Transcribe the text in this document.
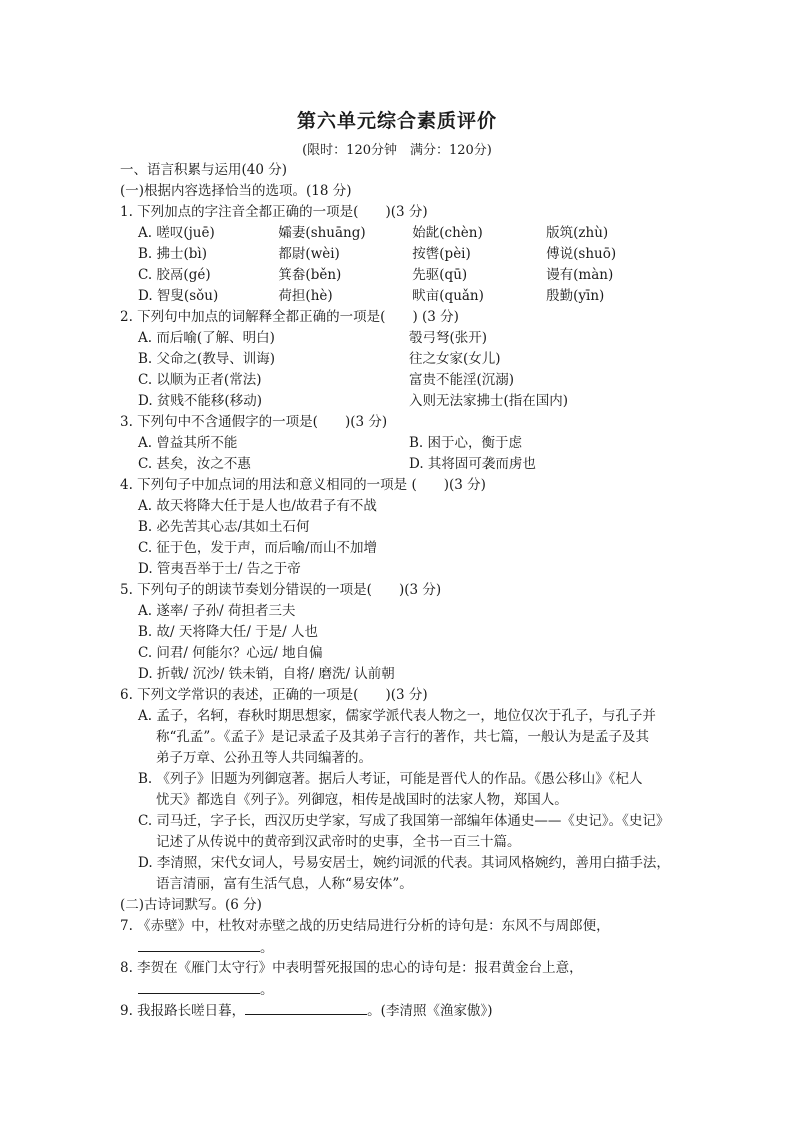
第六单元综合素质评价
(限时：120分钟　满分：120分)
一、语言积累与运用(40 分)
(一)根据内容选择恰当的选项。(18 分)
1. 下列加点的字注音全都正确的一项是(　　)(3 分)
A. 嗟叹(juē)	孀妻(shuāng)	始龀(chèn)	版筑(zhù)
B. 拂士(bì)	都尉(wèi)	按辔(pèi)	傅说(shuō)
C. 胶鬲(gé)	箕畚(běn)	先驱(qū)	谩有(màn)
D. 智叟(sǒu)	荷担(hè)	畎亩(quǎn)	殷勤(yīn)
2. 下列句中加点的词解释全都正确的一项是(　　) (3 分)
A. 而后喻(了解、明白)	彀弓弩(张开)
B. 父命之(教导、训诲)	往之女家(女儿)
C. 以顺为正者(常法)	富贵不能淫(沉溺)
D. 贫贱不能移(移动)	入则无法家拂士(指在国内)
3. 下列句中不含通假字的一项是(　　)(3 分)
A. 曾益其所不能	B. 困于心，衡于虑
C. 甚矣，汝之不惠	D. 其将固可袭而虏也
4. 下列句子中加点词的用法和意义相同的一项是 (　　)(3 分)
A. 故天将降大任于是人也/故君子有不战
B. 必先苦其心志/其如土石何
C. 征于色，发于声，而后喻/而山不加增
D. 管夷吾举于士/ 告之于帝
5. 下列句子的朗读节奏划分错误的一项是(　　)(3 分)
A. 遂率/ 子孙/ 荷担者三夫
B. 故/ 天将降大任/ 于是/ 人也
C. 问君/ 何能尔？心远/ 地自偏
D. 折戟/ 沉沙/ 铁未销，自将/ 磨洗/ 认前朝
6. 下列文学常识的表述，正确的一项是(　　)(3 分)
A. 孟子，名轲，春秋时期思想家，儒家学派代表人物之一，地位仅次于孔子，与孔子并
称“孔孟”。《孟子》是记录孟子及其弟子言行的著作，共七篇，一般认为是孟子及其
弟子万章、公孙丑等人共同编著的。
B. 《列子》旧题为列御寇著。据后人考证，可能是晋代人的作品。《愚公移山》《杞人
忧天》都选自《列子》。列御寇，相传是战国时的法家人物，郑国人。
C. 司马迁，字子长，西汉历史学家，写成了我国第一部编年体通史——《史记》。《史记》
记述了从传说中的黄帝到汉武帝时的史事，全书一百三十篇。
D. 李清照，宋代女词人，号易安居士，婉约词派的代表。其词风格婉约，善用白描手法，
语言清丽，富有生活气息，人称“易安体”。
(二)古诗词默写。(6 分)
7. 《赤壁》中，杜牧对赤壁之战的历史结局进行分析的诗句是：东风不与周郎便，
。
8. 李贺在《雁门太守行》中表明誓死报国的忠心的诗句是：报君黄金台上意，
。
9. 我报路长嗟日暮，	。(李清照《渔家傲》)
